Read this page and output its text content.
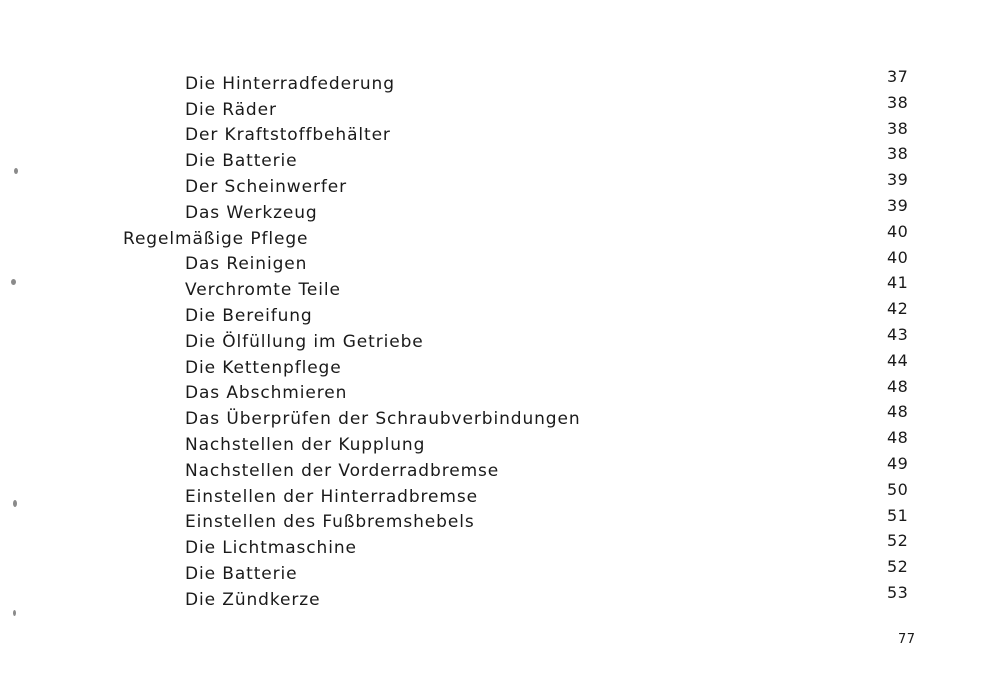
. . .
Die Hinterradfederung	37
. . .
Die Räder	38
. . .
Der Kraftstoffbehälter	38
. . .
Die Batterie	38
. . .
Der Scheinwerfer	39
. . .
Das Werkzeug	39
. . .
Regelmäßige Pflege	40
. . .
Das Reinigen	40
. . .
Verchromte Teile	41
. . .
Die Bereifung	42
. . .
Die Ölfüllung im Getriebe	43
. . .
Die Kettenpflege	44
. . .
Das Abschmieren	48
. . .
Das Überprüfen der Schraubverbindungen	48
. . .
Nachstellen der Kupplung	48
. . .
Nachstellen der Vorderradbremse	49
. . .
Einstellen der Hinterradbremse	50
. . .
Einstellen des Fußbremshebels	51
. . .
Die Lichtmaschine	52
. . .
Die Batterie	52
. . .
Die Zündkerze	53
77
